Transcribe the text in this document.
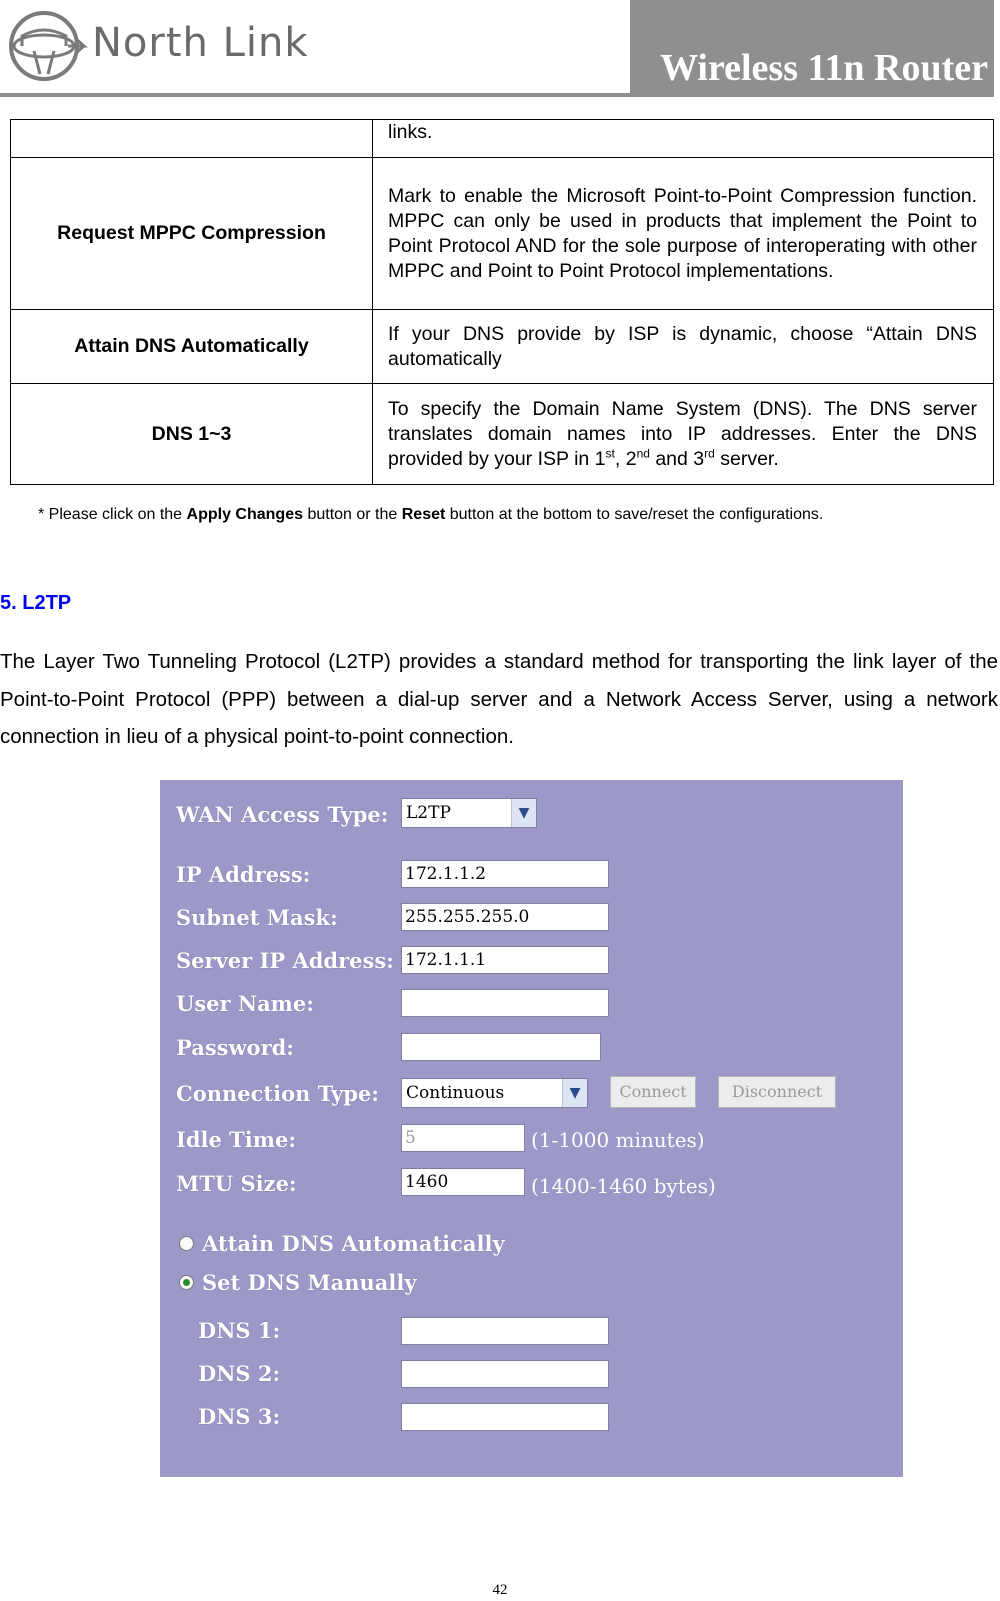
North Link
Wireless 11n Router
	links.
Request MPPC Compression	Mark to enable the Microsoft Point-to-Point Compression function. MPPC can only be used in products that implement the Point to Point Protocol AND for the sole purpose of interoperating with other MPPC and Point to Point Protocol implementations.
Attain DNS Automatically	If your DNS provide by ISP is dynamic, choose “Attain DNS automatically
DNS 1~3	To specify the Domain Name System (DNS). The DNS server translates domain names into IP addresses. Enter the DNS provided by your ISP in 1st, 2nd and 3rd server.
* Please click on the Apply Changes button or the Reset button at the bottom to save/reset the configurations.
5. L2TP
The Layer Two Tunneling Protocol (L2TP) provides a standard method for transporting the link layer of the Point-to-Point Protocol (PPP) between a dial-up server and a Network Access Server, using a network connection in lieu of a physical point-to-point connection.
WAN Access Type: L2TP	▼
IP Address:	172.1.1.2
Subnet Mask:	255.255.255.0
Server IP Address: 172.1.1.1
User Name:
Password:
Connection Type: Continuous	▼	Connect	Disconnect
Idle Time:	5	(1-1000 minutes)
MTU Size:	1460	(1400-1460 bytes)
Attain DNS Automatically
Set DNS Manually
DNS 1:
DNS 2:
DNS 3:
42
